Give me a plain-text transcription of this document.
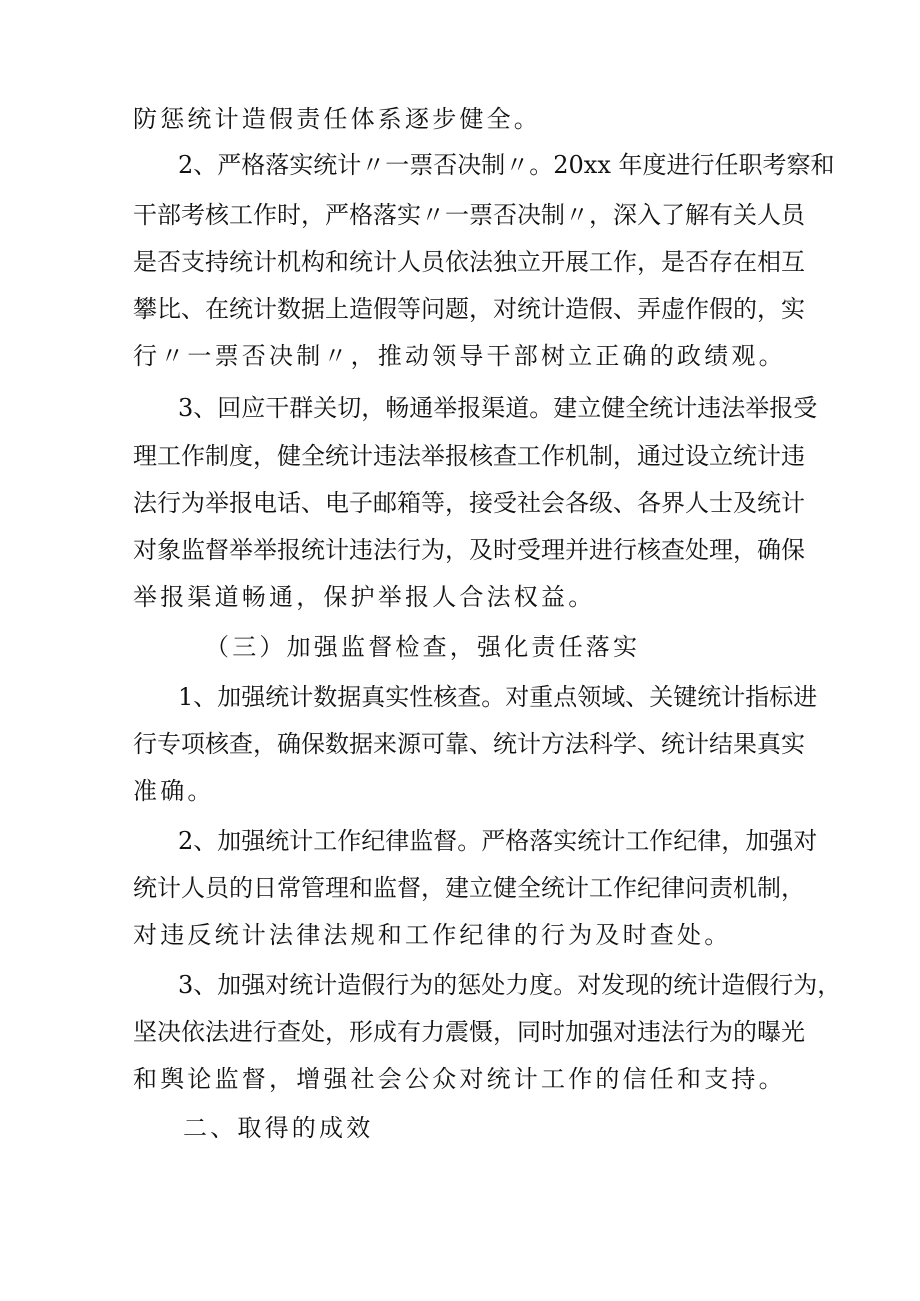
防惩统计造假责任体系逐步健全。
2、严格落实统计〃一票否决制〃。20xx 年度进行任职考察和
干部考核工作时，严格落实〃一票否决制〃，深入了解有关人员
是否支持统计机构和统计人员依法独立开展工作，是否存在相互
攀比、在统计数据上造假等问题，对统计造假、弄虚作假的，实
行〃一票否决制〃，推动领导干部树立正确的政绩观。
3、回应干群关切，畅通举报渠道。建立健全统计违法举报受
理工作制度，健全统计违法举报核查工作机制，通过设立统计违
法行为举报电话、电子邮箱等，接受社会各级、各界人士及统计
对象监督举举报统计违法行为，及时受理并进行核查处理，确保
举报渠道畅通，保护举报人合法权益。
（三）加强监督检查，强化责任落实
1、加强统计数据真实性核查。对重点领域、关键统计指标进
行专项核查，确保数据来源可靠、统计方法科学、统计结果真实
准确。
2、加强统计工作纪律监督。严格落实统计工作纪律，加强对
统计人员的日常管理和监督，建立健全统计工作纪律问责机制，
对违反统计法律法规和工作纪律的行为及时查处。
3、加强对统计造假行为的惩处力度。对发现的统计造假行为，
坚决依法进行查处，形成有力震慑，同时加强对违法行为的曝光
和舆论监督，增强社会公众对统计工作的信任和支持。
二、取得的成效
